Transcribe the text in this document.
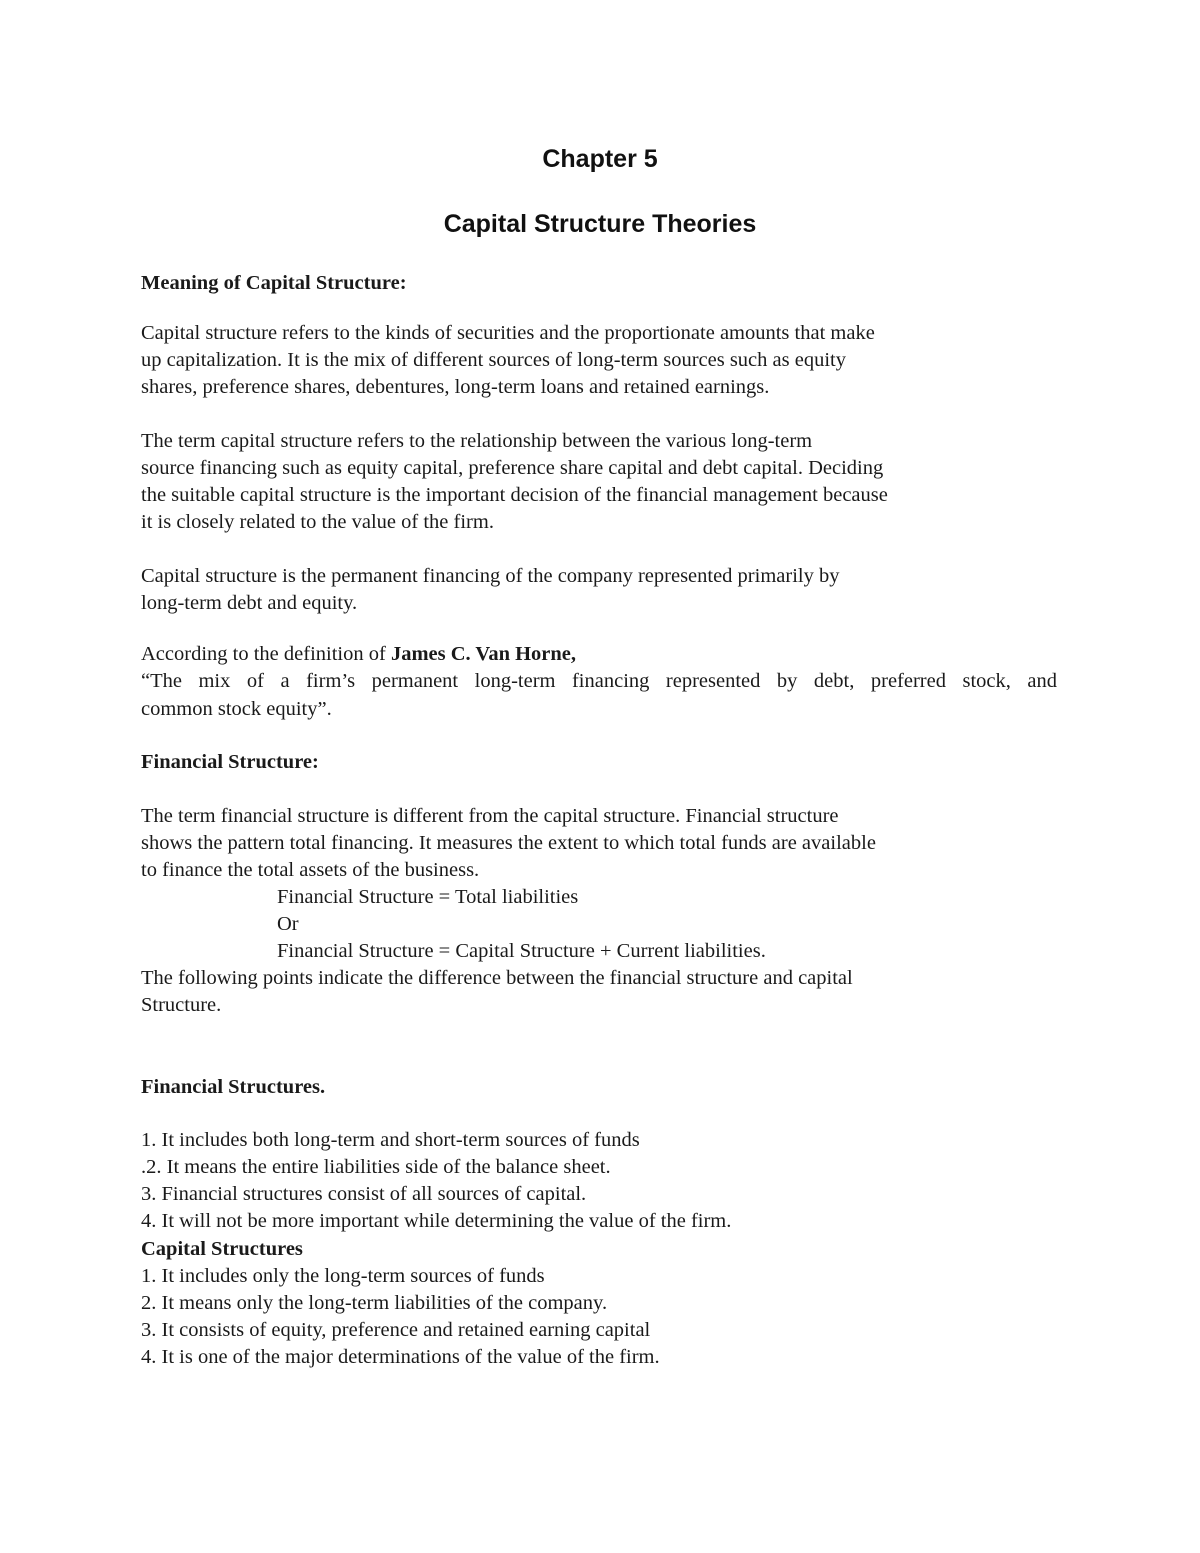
Chapter 5
Capital Structure Theories
Meaning of Capital Structure:
Capital structure refers to the kinds of securities and the proportionate amounts that make
up capitalization. It is the mix of different sources of long-term sources such as equity
shares, preference shares, debentures, long-term loans and retained earnings.
The term capital structure refers to the relationship between the various long-term
source financing such as equity capital, preference share capital and debt capital. Deciding
the suitable capital structure is the important decision of the financial management because
it is closely related to the value of the firm.
Capital structure is the permanent financing of the company represented primarily by
long-term debt and equity.
According to the definition of James C. Van Horne,
“The mix of a firm’s permanent long-term financing represented by debt, preferred stock, and
common stock equity”.
Financial Structure:
The term financial structure is different from the capital structure. Financial structure
shows the pattern total financing. It measures the extent to which total funds are available
to finance the total assets of the business.
Financial Structure = Total liabilities
Or
Financial Structure = Capital Structure + Current liabilities.
The following points indicate the difference between the financial structure and capital
Structure.
Financial Structures.
1. It includes both long-term and short-term sources of funds
.2. It means the entire liabilities side of the balance sheet.
3. Financial structures consist of all sources of capital.
4. It will not be more important while determining the value of the firm.
Capital Structures
1. It includes only the long-term sources of funds
2. It means only the long-term liabilities of the company.
3. It consists of equity, preference and retained earning capital
4. It is one of the major determinations of the value of the firm.
